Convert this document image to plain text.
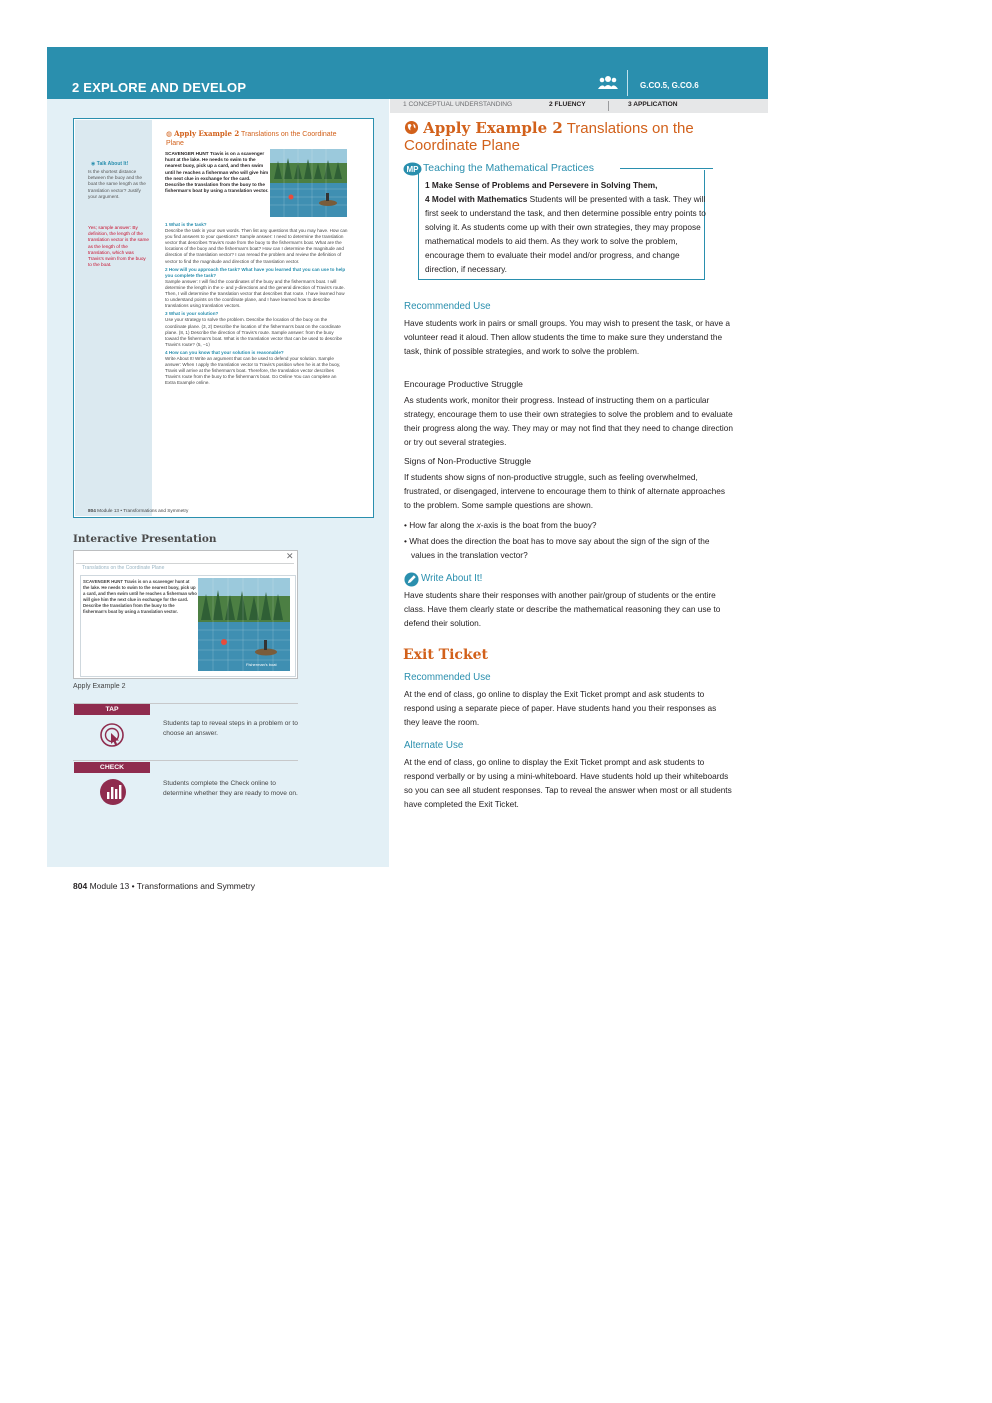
2 EXPLORE AND DEVELOP	G.CO.5, G.CO.6
1 CONCEPTUAL UNDERSTANDING	2 FLUENCY	3 APPLICATION
◉ Talk About It!
Is the shortest distance between the buoy and the boat the same length as the translation vector? Justify your argument.
Yes; sample answer: By definition, the length of the translation vector is the same as the length of the translation, which was Travis's swim from the buoy to the boat.
◍ Apply Example 2 Translations on the Coordinate Plane
SCAVENGER HUNT Travis is on a scavenger hunt at the lake. He needs to swim to the nearest buoy, pick up a card, and then swim until he reaches a fisherman who will give him the next clue in exchange for the card. Describe the translation from the buoy to the fisherman's boat by using a translation vector.
1 What is the task?
Describe the task in your own words. Then list any questions that you may have. How can you find answers to your questions? Sample answer: I need to determine the translation vector that describes Travis's route from the buoy to the fisherman's boat. What are the locations of the buoy and the fisherman's boat? How can I determine the magnitude and direction of the translation vector? I can reread the problem and review the definition of vector to find the magnitude and direction of the translation vector.
2 How will you approach the task? What have you learned that you can use to help you complete the task?
Sample answer: I will find the coordinates of the buoy and the fisherman's boat. I will determine the length in the x- and y-directions and the general direction of Travis's route. Then, I will determine the translation vector that describes that route. I have learned how to understand points on the coordinate plane, and I have learned how to describe translations using translation vectors.
3 What is your solution?
Use your strategy to solve the problem. Describe the location of the buoy on the coordinate plane. (3, 2) Describe the location of the fisherman's boat on the coordinate plane. (8, 1) Describe the direction of Travis's route. Sample answer: from the buoy toward the fisherman's boat. What is the translation vector that can be used to describe Travis's route? ⟨5, −1⟩
4 How can you know that your solution is reasonable?
Write About It! Write an argument that can be used to defend your solution. Sample answer: When I apply the translation vector to Travis's position when he is at the buoy, Travis will arrive at the fisherman's boat. Therefore, the translation vector describes Travis's route from the buoy to the fisherman's boat. Go Online You can complete an Extra Example online.
804 Module 13 • Transformations and Symmetry
Interactive Presentation
✕
Translations on the Coordinate Plane
SCAVENGER HUNT Travis is on a scavenger hunt at the lake. He needs to swim to the nearest buoy, pick up a card, and then swim until he reaches a fisherman who will give him the next clue in exchange for the card. Describe the translation from the buoy to the fisherman's boat by using a translation vector.
Fisherman's boat
Apply Example 2
TAP
Students tap to reveal steps in a problem or to choose an answer.
CHECK
Students complete the Check online to determine whether they are ready to move on.
804 Module 13 • Transformations and Symmetry
Apply Example 2 Translations on the Coordinate Plane
MP Teaching the Mathematical Practices
1 Make Sense of Problems and Persevere in Solving Them,
4 Model with Mathematics Students will be presented with a task. They will first seek to understand the task, and then determine possible entry points to solving it. As students come up with their own strategies, they may propose mathematical models to aid them. As they work to solve the problem, encourage them to evaluate their model and/or progress, and change direction, if necessary.
Recommended Use
Have students work in pairs or small groups. You may wish to present the task, or have a volunteer read it aloud. Then allow students the time to make sure they understand the task, think of possible strategies, and work to solve the problem.
Encourage Productive Struggle
As students work, monitor their progress. Instead of instructing them on a particular strategy, encourage them to use their own strategies to solve the problem and to evaluate their progress along the way. They may or may not find that they need to change direction or try out several strategies.
Signs of Non-Productive Struggle
If students show signs of non-productive struggle, such as feeling overwhelmed, frustrated, or disengaged, intervene to encourage them to think of alternate approaches to the problem. Some sample questions are shown.
• How far along the x-axis is the boat from the buoy?
• What does the direction the boat has to move say about the sign of the sign of the values in the translation vector?
Write About It!
Have students share their responses with another pair/group of students or the entire class. Have them clearly state or describe the mathematical reasoning they can use to defend their solution.
Exit Ticket
Recommended Use
At the end of class, go online to display the Exit Ticket prompt and ask students to respond using a separate piece of paper. Have students hand you their responses as they leave the room.
Alternate Use
At the end of class, go online to display the Exit Ticket prompt and ask students to respond verbally or by using a mini-whiteboard. Have students hold up their whiteboards so you can see all student responses. Tap to reveal the answer when most or all students have completed the Exit Ticket.
